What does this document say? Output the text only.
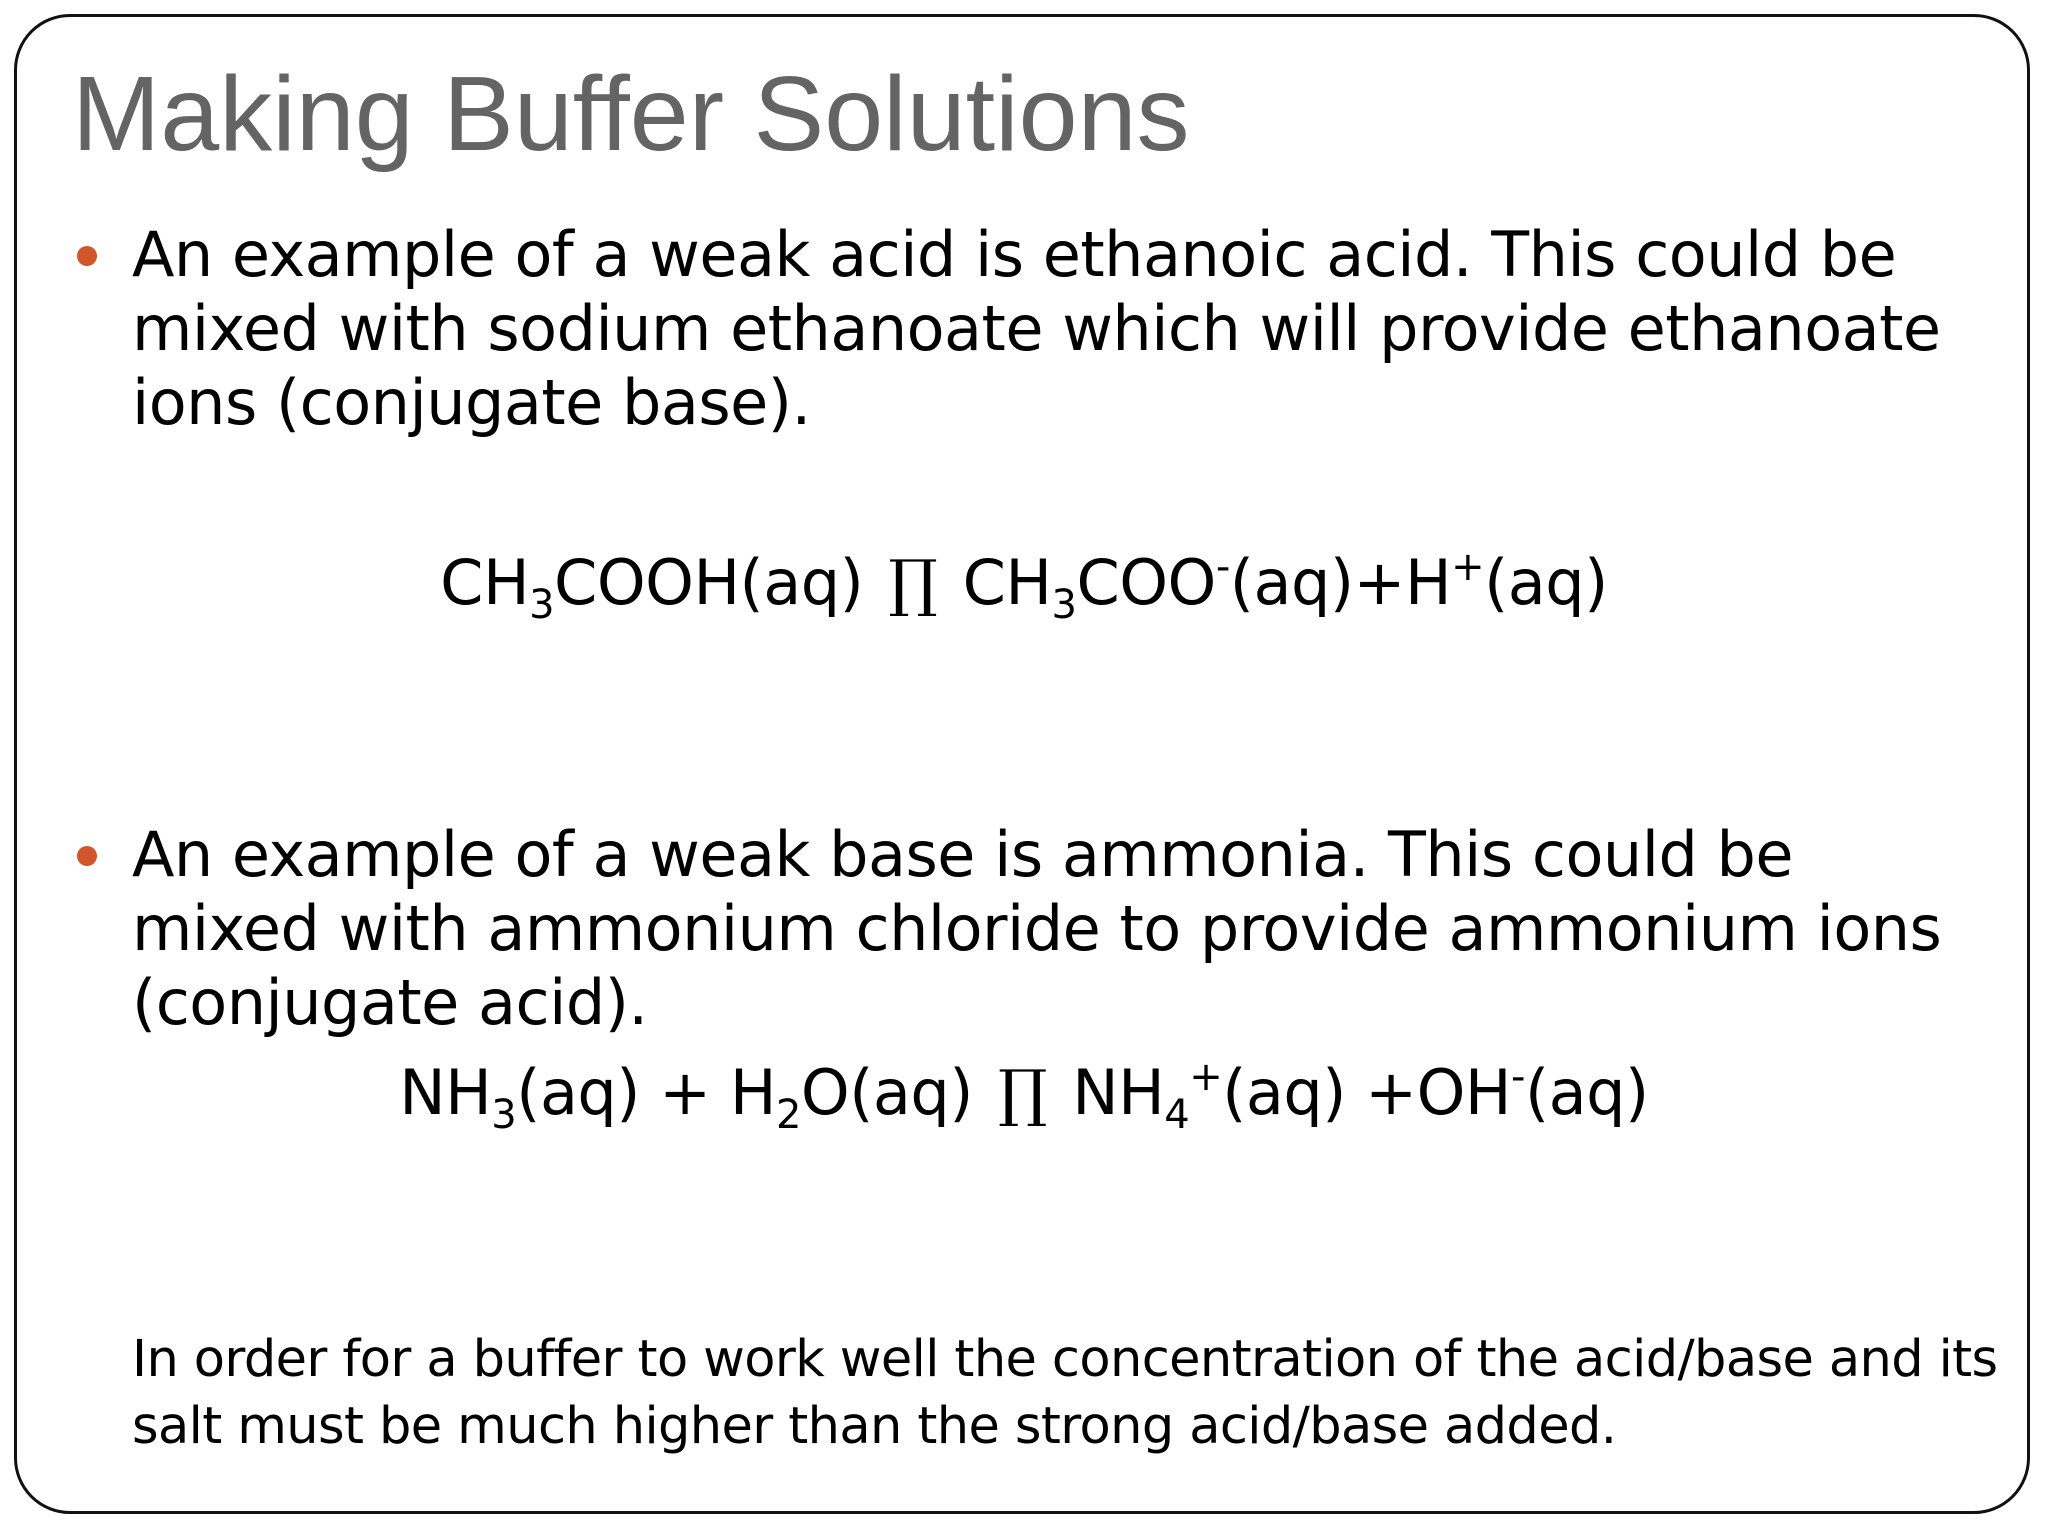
Making Buffer Solutions

An example of a weak acid is ethanoic acid. This could be mixed with sodium ethanoate which will provide ethanoate ions (conjugate base).

$CH_3COOH(aq)$ ∏ $CH_3COO^-(aq)+H^+(aq)$

An example of a weak base is ammonia. This could be mixed with ammonium chloride to provide ammonium ions (conjugate acid).

$NH_3(aq) + H_2O(aq)$ ∏ $NH_4^+(aq) +OH^-(aq)$

In order for a buffer to work well the concentration of the acid/base and its salt must be much higher than the strong acid/base added.
